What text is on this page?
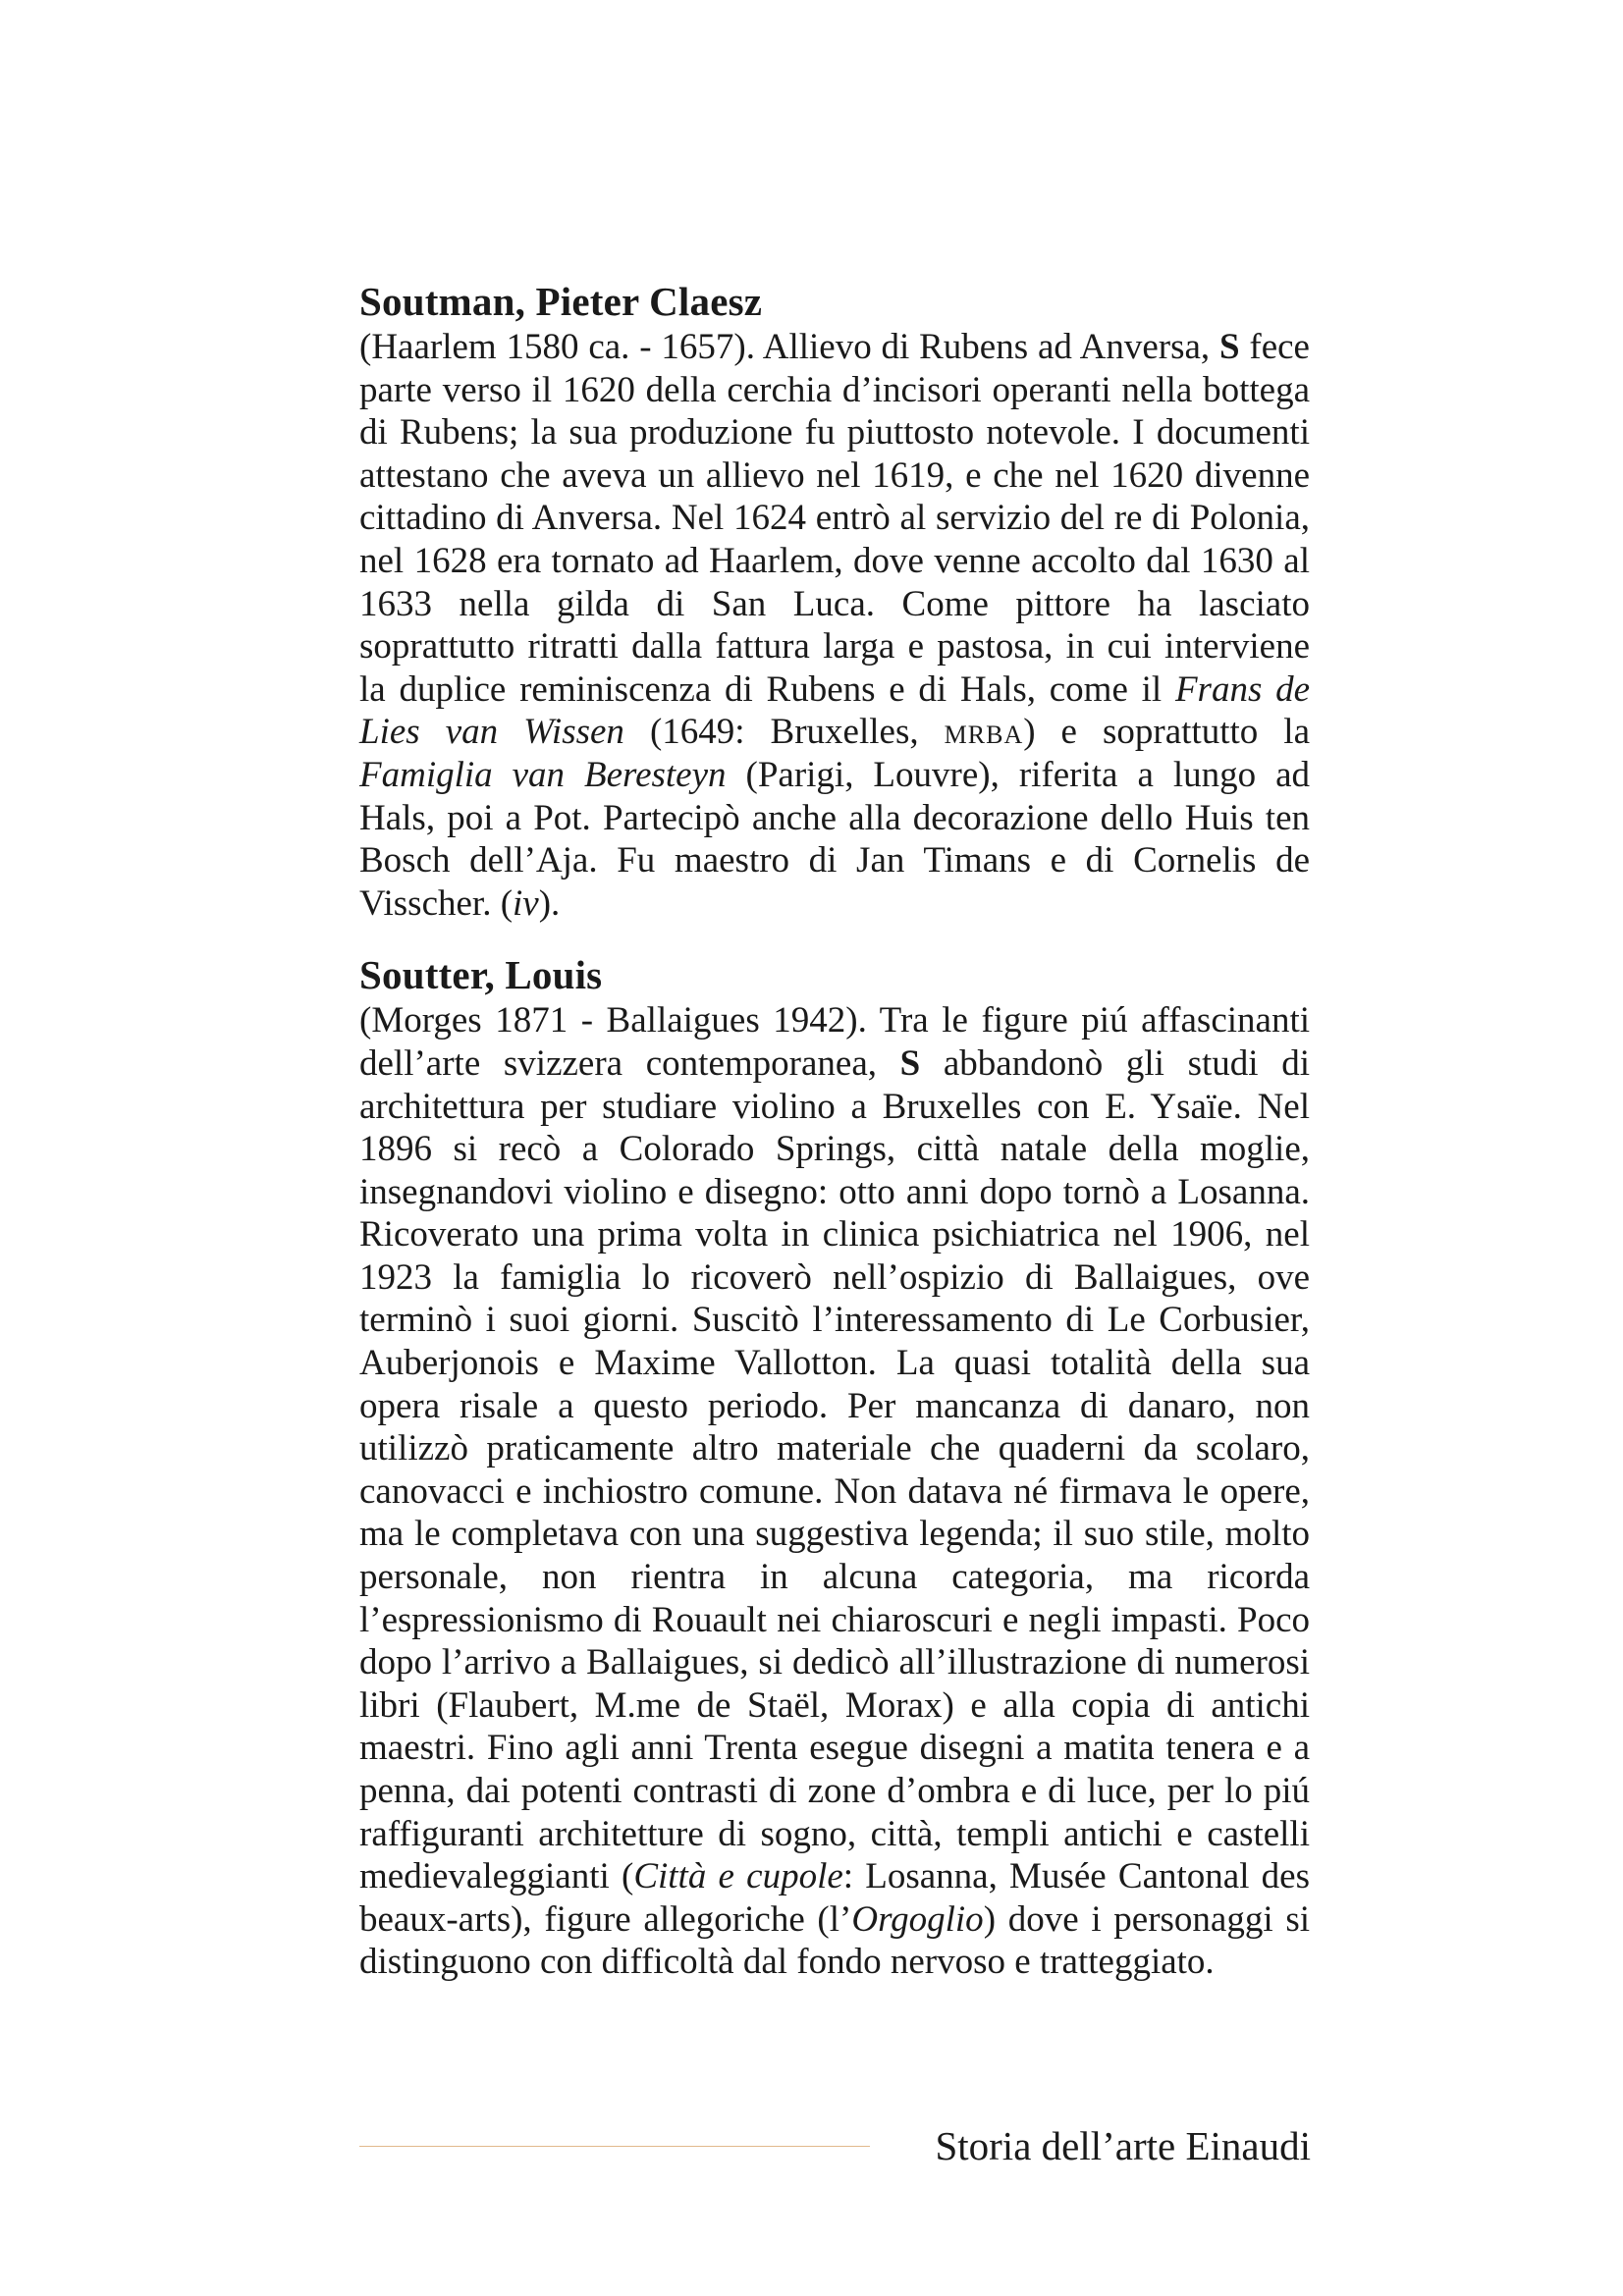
Soutman, Pieter Claesz

(Haarlem 1580 ca. - 1657). Allievo di Rubens ad Anversa, S fece parte verso il 1620 della cerchia d’incisori operanti nella bottega di Rubens; la sua produzione fu piuttosto notevole. I documenti attestano che aveva un allievo nel 1619, e che nel 1620 divenne cittadino di Anversa. Nel 1624 entrò al servizio del re di Polonia, nel 1628 era tornato ad Haarlem, dove venne accolto dal 1630 al 1633 nella gilda di San Luca. Come pittore ha lasciato soprattutto ritratti dalla fattura larga e pastosa, in cui interviene la duplice reminiscenza di Rubens e di Hals, come il Frans de Lies van Wissen (1649: Bruxelles, mrba) e soprattutto la Famiglia van Beresteyn (Parigi, Louvre), riferita a lungo ad Hals, poi a Pot. Partecipò anche alla decorazione dello Huis ten Bosch dell’Aja. Fu maestro di Jan Timans e di Cornelis de Visscher. (iv).

Soutter, Louis

(Morges 1871 - Ballaigues 1942). Tra le figure piú affascinanti dell’arte svizzera contemporanea, S abbandonò gli studi di architettura per studiare violino a Bruxelles con E. Ysaïe. Nel 1896 si recò a Colorado Springs, città natale della moglie, insegnandovi violino e disegno: otto anni dopo tornò a Losanna. Ricoverato una prima volta in clinica psichiatrica nel 1906, nel 1923 la famiglia lo ricoverò nell’ospizio di Ballaigues, ove terminò i suoi giorni. Suscitò l’interessamento di Le Corbusier, Auberjonois e Maxime Vallotton. La quasi totalità della sua opera risale a questo periodo. Per mancanza di danaro, non utilizzò praticamente altro materiale che quaderni da scolaro, canovacci e inchiostro comune. Non datava né firmava le opere, ma le completava con una suggestiva legenda; il suo stile, molto personale, non rientra in alcuna categoria, ma ricorda l’espressionismo di Rouault nei chiaroscuri e negli impasti. Poco dopo l’arrivo a Ballaigues, si dedicò all’illustrazione di numerosi libri (Flaubert, M.me de Staël, Morax) e alla copia di antichi maestri. Fino agli anni Trenta esegue disegni a matita tenera e a penna, dai potenti contrasti di zone d’ombra e di luce, per lo piú raffiguranti architetture di sogno, città, templi antichi e castelli medievaleggianti (Città e cupole: Losanna, Musée Cantonal des beaux-arts), figure allegoriche (l’Orgoglio) dove i personaggi si distinguono con difficoltà dal fondo nervoso e tratteggiato.

Storia dell’arte Einaudi
